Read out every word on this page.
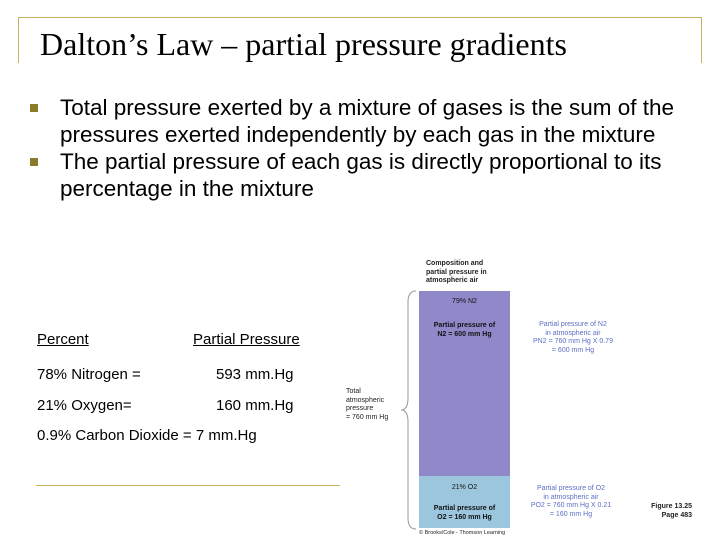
Dalton’s Law – partial pressure gradients
Total pressure exerted by a mixture of gases is the sum of the pressures exerted independently by each gas in the mixture
The partial pressure of each gas is directly proportional to its percentage in the mixture
Percent	Partial Pressure
78% Nitrogen =	593 mm.Hg
21% Oxygen=	160 mm.Hg
0.9% Carbon Dioxide = 7 mm.Hg
Composition and
partial pressure in
atmospheric air
79% N2
Partial pressure of
N2 = 600 mm Hg
21% O2
Partial pressure of
O2 = 160 mm Hg
Total
atmospheric
pressure
= 760 mm Hg
Partial pressure of N2
in atmospheric air
PN2 = 760 mm Hg X 0.79
= 600 mm Hg
Partial pressure of O2
in atmospheric air
PO2 = 760 mm Hg X 0.21
= 160 mm Hg
Figure 13.25
Page 483
© Brooks/Cole - Thomson Learning
